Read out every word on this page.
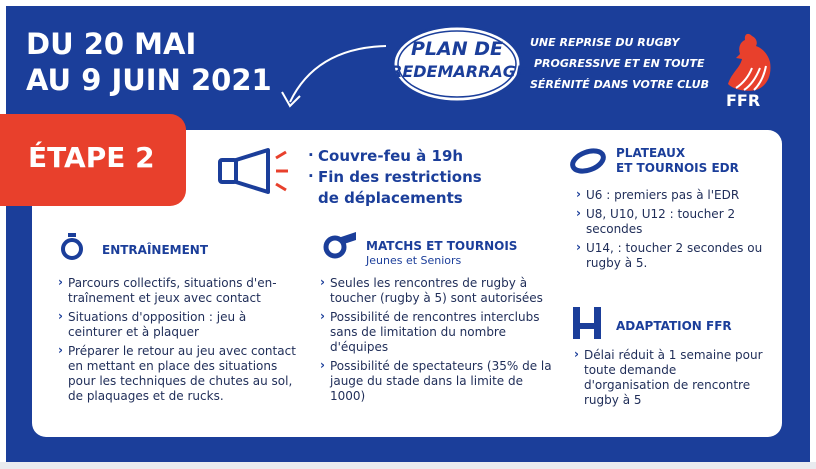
DU 20 MAI
AU 9 JUIN 2021
PLAN DE
REDEMARRAGE
UNE REPRISE DU RUGBY
PROGRESSIVE ET EN TOUTE
SÉRÉNITÉ DANS VOTRE CLUB
FFR
ÉTAPE 2
·	Couvre-feu à 19h
· Fin des restrictions
de déplacements
PLATEAUX
ET TOURNOIS EDR
› U6 : premiers pas à l'EDR
› U8, U10, U12 : toucher 2 secondes
› U14, : toucher 2 secondes ou rugby à 5.
ENTRAÎNEMENT
› Parcours collectifs, situations d'en-traînement et jeux avec contact
› Situations d'opposition : jeu à ceinturer et à plaquer
› Préparer le retour au jeu avec contact en mettant en place des situations pour les techniques de chutes au sol, de plaquages et de rucks.
MATCHS ET TOURNOIS
Jeunes et Seniors
› Seules les rencontres de rugby à toucher (rugby à 5) sont autorisées
› Possibilité de rencontres interclubs sans de limitation du nombre d'équipes
› Possibilité de spectateurs (35% de la jauge du stade dans la limite de 1000)
ADAPTATION FFR
› Délai réduit à 1 semaine pour toute demande d'organisation de rencontre rugby à 5
